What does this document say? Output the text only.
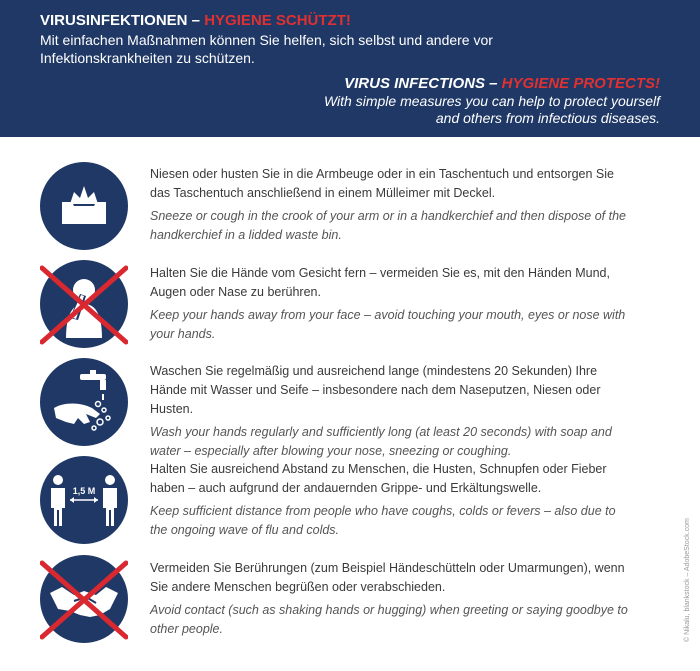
VIRUSINFEKTIONEN – HYGIENE SCHÜTZT!
Mit einfachen Maßnahmen können Sie helfen, sich selbst und andere vor Infektionskrankheiten zu schützen.
VIRUS INFECTIONS – HYGIENE PROTECTS!
With simple measures you can help to protect yourself and others from infectious diseases.
Niesen oder husten Sie in die Armbeuge oder in ein Taschentuch und entsorgen Sie das Taschentuch anschließend in einem Mülleimer mit Deckel.
Sneeze or cough in the crook of your arm or in a handkerchief and then dispose of the handkerchief in a lidded waste bin.
Halten Sie die Hände vom Gesicht fern – vermeiden Sie es, mit den Händen Mund, Augen oder Nase zu berühren.
Keep your hands away from your face – avoid touching your mouth, eyes or nose with your hands.
Waschen Sie regelmäßig und ausreichend lange (mindestens 20 Sekunden) Ihre Hände mit Wasser und Seife – insbesondere nach dem Naseputzen, Niesen oder Husten.
Wash your hands regularly and sufficiently long (at least 20 seconds) with soap and water – especially after blowing your nose, sneezing or coughing.
1,5 M
Halten Sie ausreichend Abstand zu Menschen, die Husten, Schnupfen oder Fieber haben – auch aufgrund der andauernden Grippe- und Erkältungswelle.
Keep sufficient distance from people who have coughs, colds or fevers – also due to the ongoing wave of flu and colds.
Vermeiden Sie Berührungen (zum Beispiel Händeschütteln oder Umarmungen), wenn Sie andere Menschen begrüßen oder verabschieden.
Avoid contact (such as shaking hands or hugging) when greeting or saying goodbye to other people.	© Nikalu, blankstock – AdobeStock.com
